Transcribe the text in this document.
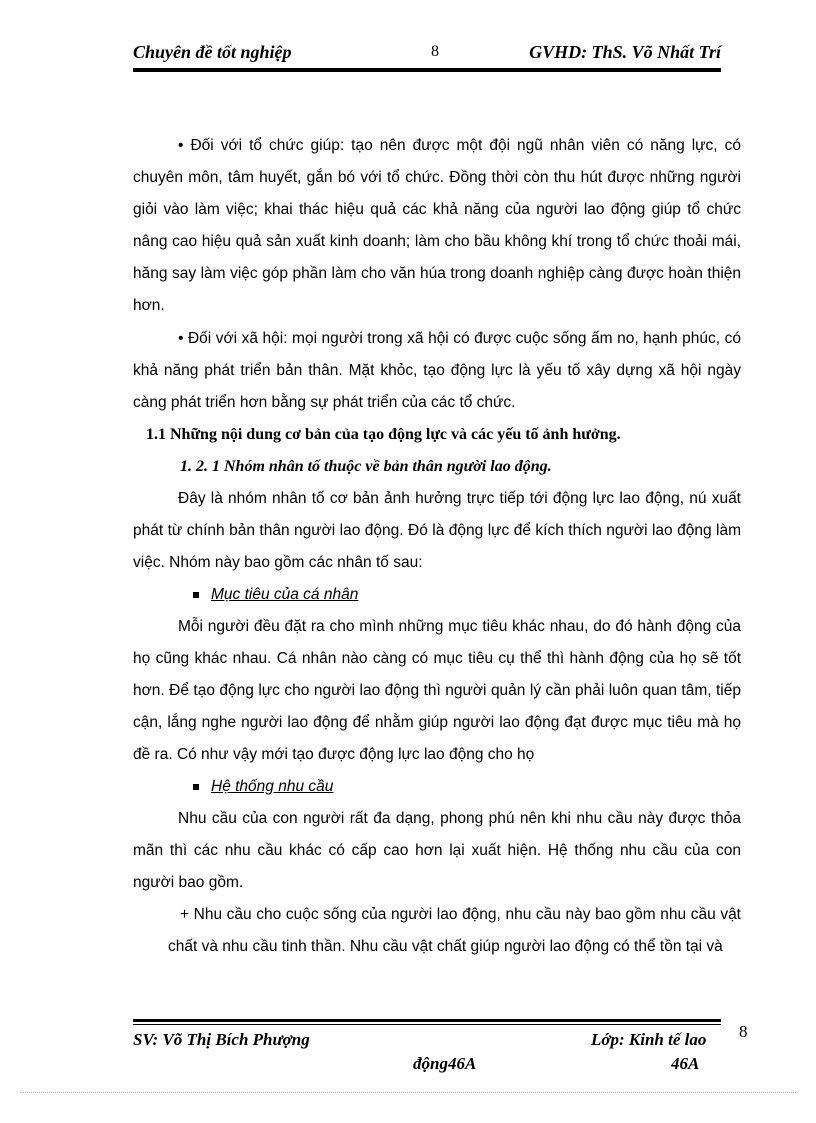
Chuyên đề tốt nghiệp	8	GVHD: ThS. Võ Nhất Trí

• Đối với tổ chức giúp: tạo nên được một đội ngũ nhân viên có năng lực, có chuyên môn, tâm huyết, gắn bó với tổ chức. Đồng thời còn thu hút được những người giỏi vào làm việc; khai thác hiệu quả các khả năng của người lao động giúp tổ chức nâng cao hiệu quả sản xuất kinh doanh; làm cho bầu không khí trong tổ chức thoải mái, hăng say làm việc góp phần làm cho văn húa trong doanh nghiệp càng được hoàn thiện hơn.

• Đối với xã hội: mọi người trong xã hội có được cuộc sống ấm no, hạnh phúc, có khả năng phát triển bản thân. Mặt khỏc, tạo động lực là yếu tố xây dựng xã hội ngày càng phát triển hơn bằng sự phát triển của các tổ chức.

1.1 Những nội dung cơ bản của tạo động lực và các yếu tố ảnh hưởng.
1. 2. 1 Nhóm nhân tố thuộc về bản thân người lao động.

Đây là nhóm nhân tố cơ bản ảnh hưởng trực tiếp tới động lực lao động, nú xuất phát từ chính bản thân người lao động. Đó là động lực để kích thích người lao động làm việc. Nhóm này bao gồm các nhân tố sau:

Mục tiêu của cá nhân

Mỗi người đều đặt ra cho mình những mục tiêu khác nhau, do đó hành động của họ cũng khác nhau. Cá nhân nào càng có mục tiêu cụ thể thì hành động của họ sẽ tốt hơn. Để tạo động lực cho người lao động thì người quản lý cần phải luôn quan tâm, tiếp cận, lắng nghe người lao động để nhằm giúp người lao động đạt được mục tiêu mà họ đề ra. Có như vậy mới tạo được động lực lao động cho họ

Hệ thống nhu cầu

Nhu cầu của con người rất đa dạng, phong phú nên khi nhu cầu này được thỏa mãn thì các nhu cầu khác có cấp cao hơn lại xuất hiện. Hệ thống nhu cầu của con người bao gồm.

+ Nhu cầu cho cuộc sống của người lao động, nhu cầu này bao gồm nhu cầu vật chất và nhu cầu tinh thần. Nhu cầu vật chất giúp người lao động có thể tồn tại và

SV: Võ Thị Bích Phượng	Lớp: Kinh tế lao
động46A	46A
8
